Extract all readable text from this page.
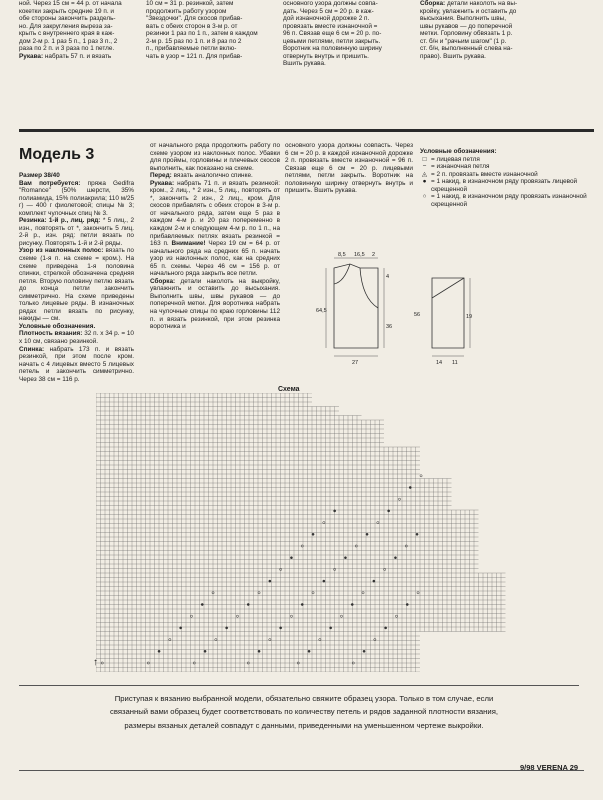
ной. Через 15 см = 44 р. от начала

кокетки закрыть средние 19 п. и

обе стороны закончить раздель-

но. Для закругления выреза за-

крыть с внутреннего края в каж-

дом 2-м р. 1 раз 5 п., 1 раз 3 п., 2

раза по 2 п. и 3 раза по 1 петле.

Рукава: набрать 57 п. и вязать

10 см = 31 р. резинкой, затем

продолжить работу узором

"Звездочки". Для скосов прибав-

вать с обеих сторон в 3-м р. от

резинки 1 раз по 1 п., затем в каждом

2-м р. 15 раз по 1 п. и 8 раз по 2

п., прибавляемые петли вклю-

чать в узор = 121 п. Для прибав-

основного узора должны совпа-

дать. Через 5 см = 20 р. в каж-

дой изнаночной дорожке 2 п.

провязать вместе изнаночной =

96 п. Связав еще 6 см = 20 р. по-

цевыми петлями, петли закрыть.

Воротник на половинную ширину

отвернуть внутрь и пришить.

Вшить рукава.

Сборка: детали наколоть на вы-

кройку, увлажнить и оставить до

высыхания. Выполнить швы,

швы рукавов — до поперечной

метки. Горловину обвязать 1 р.

ст. б/н и "рачьим шагом" (1 р.

ст. б/н, выполненный слева на-

право). Вшить рукава.

Модель 3

Размер 38/40

Вам потребуется: пряжа Gedifra "Romance" (50% шерсти, 35% полиамида, 15% полиакрила; 110 м/25 г) — 400 г фиолетовой; спицы № 3; комплект чулочных спиц № 3.

Резинка: 1-й р., лиц. ряд: * 5 лиц., 2 изн., повторять от *, закончить 5 лиц. 2-й р., изн. ряд: петли вязать по рисунку. Повторять 1-й и 2-й ряды.

Узор из наклонных полос: вязать по схеме (1-я п. на схеме = кром.). На схеме приведена 1-я половина спинки, стрелкой обозначена средняя петля. Вторую половину петлю вязать до конца петли закончить симметрично. На схеме приведены только лицевые ряды. В изнаночных рядах петли вязать по рисунку, накиды — см.

Условные обозначения.

Плотность вязания: 32 п. х 34 р. = 10 х 10 см, связано резинкой.

Спинка: набрать 173 п. и вязать резинкой, при этом после кром. начать с 4 лицевых вместо 5 лицевых петель и закончить симметрично. Через 38 см = 116 р.

от начального ряда продолжить работу по схеме узором из наклонных полос. Убавки для проймы, горловины и плечевых скосов выполнить, как показано на схеме.

Перед: вязать аналогично спинке.

Рукава: набрать 71 п. и вязать резинкой: кром., 2 лиц., * 2 изн., 5 лиц., повторять от *, закончить 2 изн., 2 лиц., кром. Для скосов прибавлять с обеих сторон в 3-м р. от начального ряда, затем еще 5 раз в каждом 4-м р. и 20 раз попеременно в каждом 2-м и следующем 4-м р. по 1 п., на прибавляемых петлях вязать резинкой = 163 п. Внимание! Через 19 см = 64 р. от начального ряда на средних 65 п. начать узор из наклонных полос, как на средних 65 п. схемы. Через 46 см = 156 р. от начального ряда закрыть все петли.

Сборка: детали наколоть на выкройку, увлажнить и оставить до высыхания. Выполнить швы, швы рукавов — до поперечной метки. Для воротника набрать на чулочные спицы по краю горловины 112 п. и вязать резинкой, при этом резинка воротника и

основного узора должны совпасть. Через 6 см = 20 р. в каждой изнаночной дорожке 2 п. провязать вместе изнаночной = 96 п. Связав еще 6 см = 20 р. лицевыми петлями, петли закрыть. Воротник на половинную ширину отвернуть внутрь и пришить. Вшить рукава.

Условные обозначения:

□ = лицевая петля
− = изнаночная петля
◬ = 2 п. провязать вместе изнаночной
● = 1 накид, в изнаночном ряду провязать лицевой скрещенной
○ = 1 накид, в изнаночном ряду провязать изнаночной скрещенной
8,5 16,5 2
64,5
36
4
27
56	19
14 11

Схема

↑

Приступая к вязанию выбранной модели, обязательно свяжите образец узора. Только в том случае, если связанный вами образец будет соответствовать по количеству петель и рядов заданной плотности вязания, размеры вязаных деталей совпадут с данными, приведенными на уменьшенном чертеже выкройки.

9/98 VERENA 29
